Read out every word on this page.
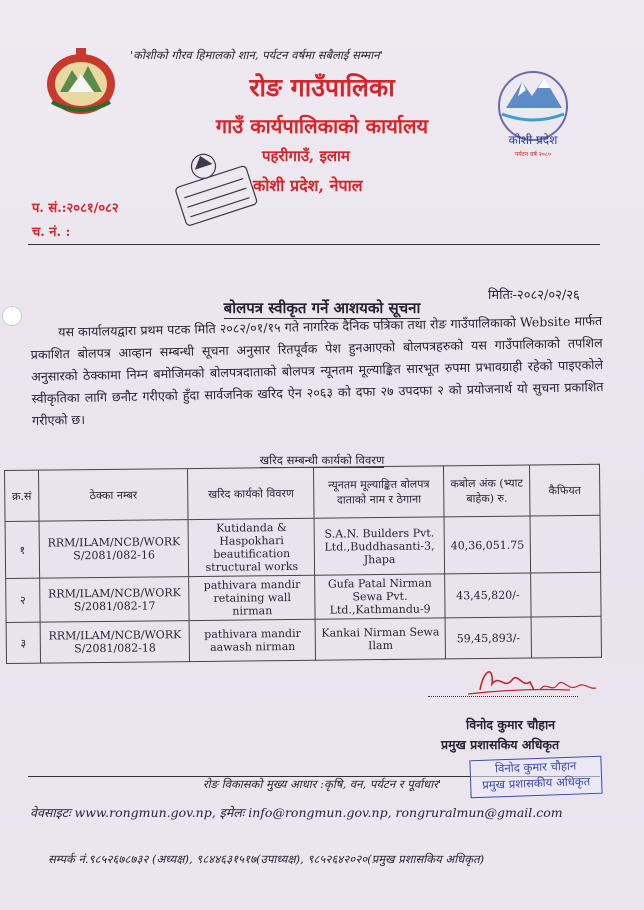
कोशी प्रदेश
पर्यटन वर्ष २०८०
'कोशीको गौरव हिमालको शान, पर्यटन वर्षमा सबैलाई सम्मान'
रोङ गाउँपालिका
गाउँ कार्यपालिकाको कार्यालय
पहरीगाउँ, इलाम
कोशी प्रदेश, नेपाल
प. सं.:२०८१/०८२
च. नं. :
मितिः-२०८२/०२/२६
बोलपत्र स्वीकृत गर्ने आशयको सूचना

यस कार्यालयद्वारा प्रथम पटक मिति २०८२/०१/१५ गते नागरिक दैनिक पत्रिका तथा रोङ गाउँपालिकाको Website मार्फत प्रकाशित बोलपत्र आव्हान सम्बन्धी सूचना अनुसार रितपूर्वक पेश हुनआएको बोलपत्रहरुको यस गाउँपालिकाको तपशिल अनुसारको ठेक्कामा निम्न बमोजिमको बोलपत्रदाताको बोलपत्र न्यूनतम मूल्याङ्कित सारभूत रुपमा प्रभावग्राही रहेको पाइएकोले स्वीकृतिका लागि छनौट गरीएको हुँदा सार्वजनिक खरिद ऐन २०६३ को दफा २७ उपदफा २ को प्रयोजनार्थ यो सुचना प्रकाशित गरीएको छ।

खरिद सम्बन्धी कार्यको विवरण
क्र.सं	ठेक्का नम्बर	खरिद कार्यको विवरण	न्यूनतम मूल्याङ्कित बोलपत्र दाताको नाम र ठेगाना	कबोल अंक (भ्याट बाहेक) रु.	कैफियत
१	RRM/ILAM/NCB/WORKS/2081/082-16	Kutidanda & Haspokhari beautification structural works	S.A.N. Builders Pvt. Ltd.,Buddhasanti-3, Jhapa	40,36,051.75	
२	RRM/ILAM/NCB/WORKS/2081/082-17	pathivara mandir retaining wall nirman	Gufa Patal Nirman Sewa Pvt. Ltd.,Kathmandu-9	43,45,820/-	
३	RRM/ILAM/NCB/WORKS/2081/082-18	pathivara mandir aawash nirman	Kankai Nirman Sewa Ilam	59,45,893/-	
विनोद कुमार चौहान
प्रमुख प्रशासकिय अधिकृत
विनोद कुमार चौहान
प्रमुख प्रशासकीय अधिकृत
रोङ विकासको मुख्य आधार :कृषि, वन, पर्यटन र पूर्वाधार'
वेवसाइटः www.rongmun.gov.np, इमेलः info@rongmun.gov.np, rongruralmun@gmail.com
सम्पर्क नं.९८५२६७८७३२ (अध्यक्ष), ९८४४६३१५१७(उपाध्यक्ष), ९८५२६४२०२०(प्रमुख प्रशासकिय अधिकृत)
